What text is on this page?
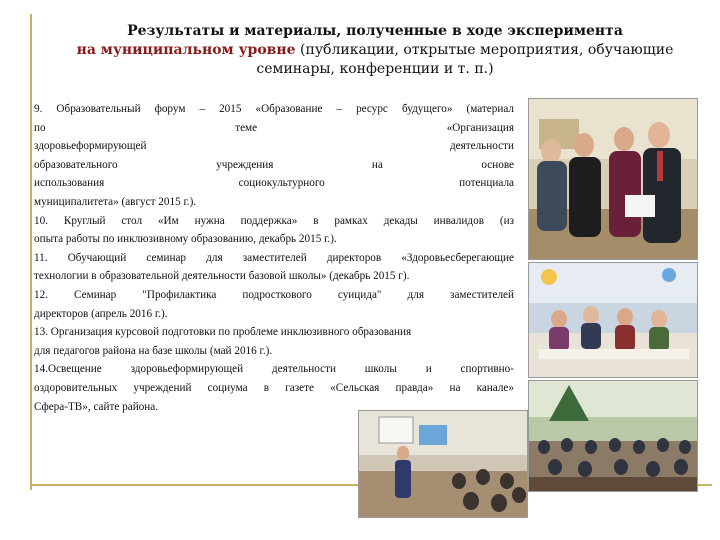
Результаты и материалы, полученные в ходе эксперимента
на муниципальном уровне (публикации, открытые мероприятия, обучающие
семинары, конференции и т. п.)

9. Образовательный форум – 2015 «Образование – ресурс будущего» (материал

по теме «Организация

здоровьеформирующей деятельности

образовательного учреждения на основе

использования социокультурного потенциала

муниципалитета» (август 2015 г.).

10. Круглый стол «Им нужна поддержка» в рамках декады инвалидов (из

опыта работы по инклюзивному образованию, декабрь 2015 г.).

11. Обучающий семинар для заместителей директоров «Здоровьесберегающие

технологии в образовательной деятельности базовой школы» (декабрь 2015 г).

12. Семинар "Профилактика подросткового суицида" для заместителей

директоров (апрель 2016 г.).

13. Организация курсовой подготовки по проблеме инклюзивного образования

для педагогов района на базе школы (май 2016 г.).

14.Освещение здоровьеформирующей деятельности школы и спортивно-

оздоровительных учреждений социума в газете «Сельская правда» на канале»

Сфера-ТВ», сайте района.
